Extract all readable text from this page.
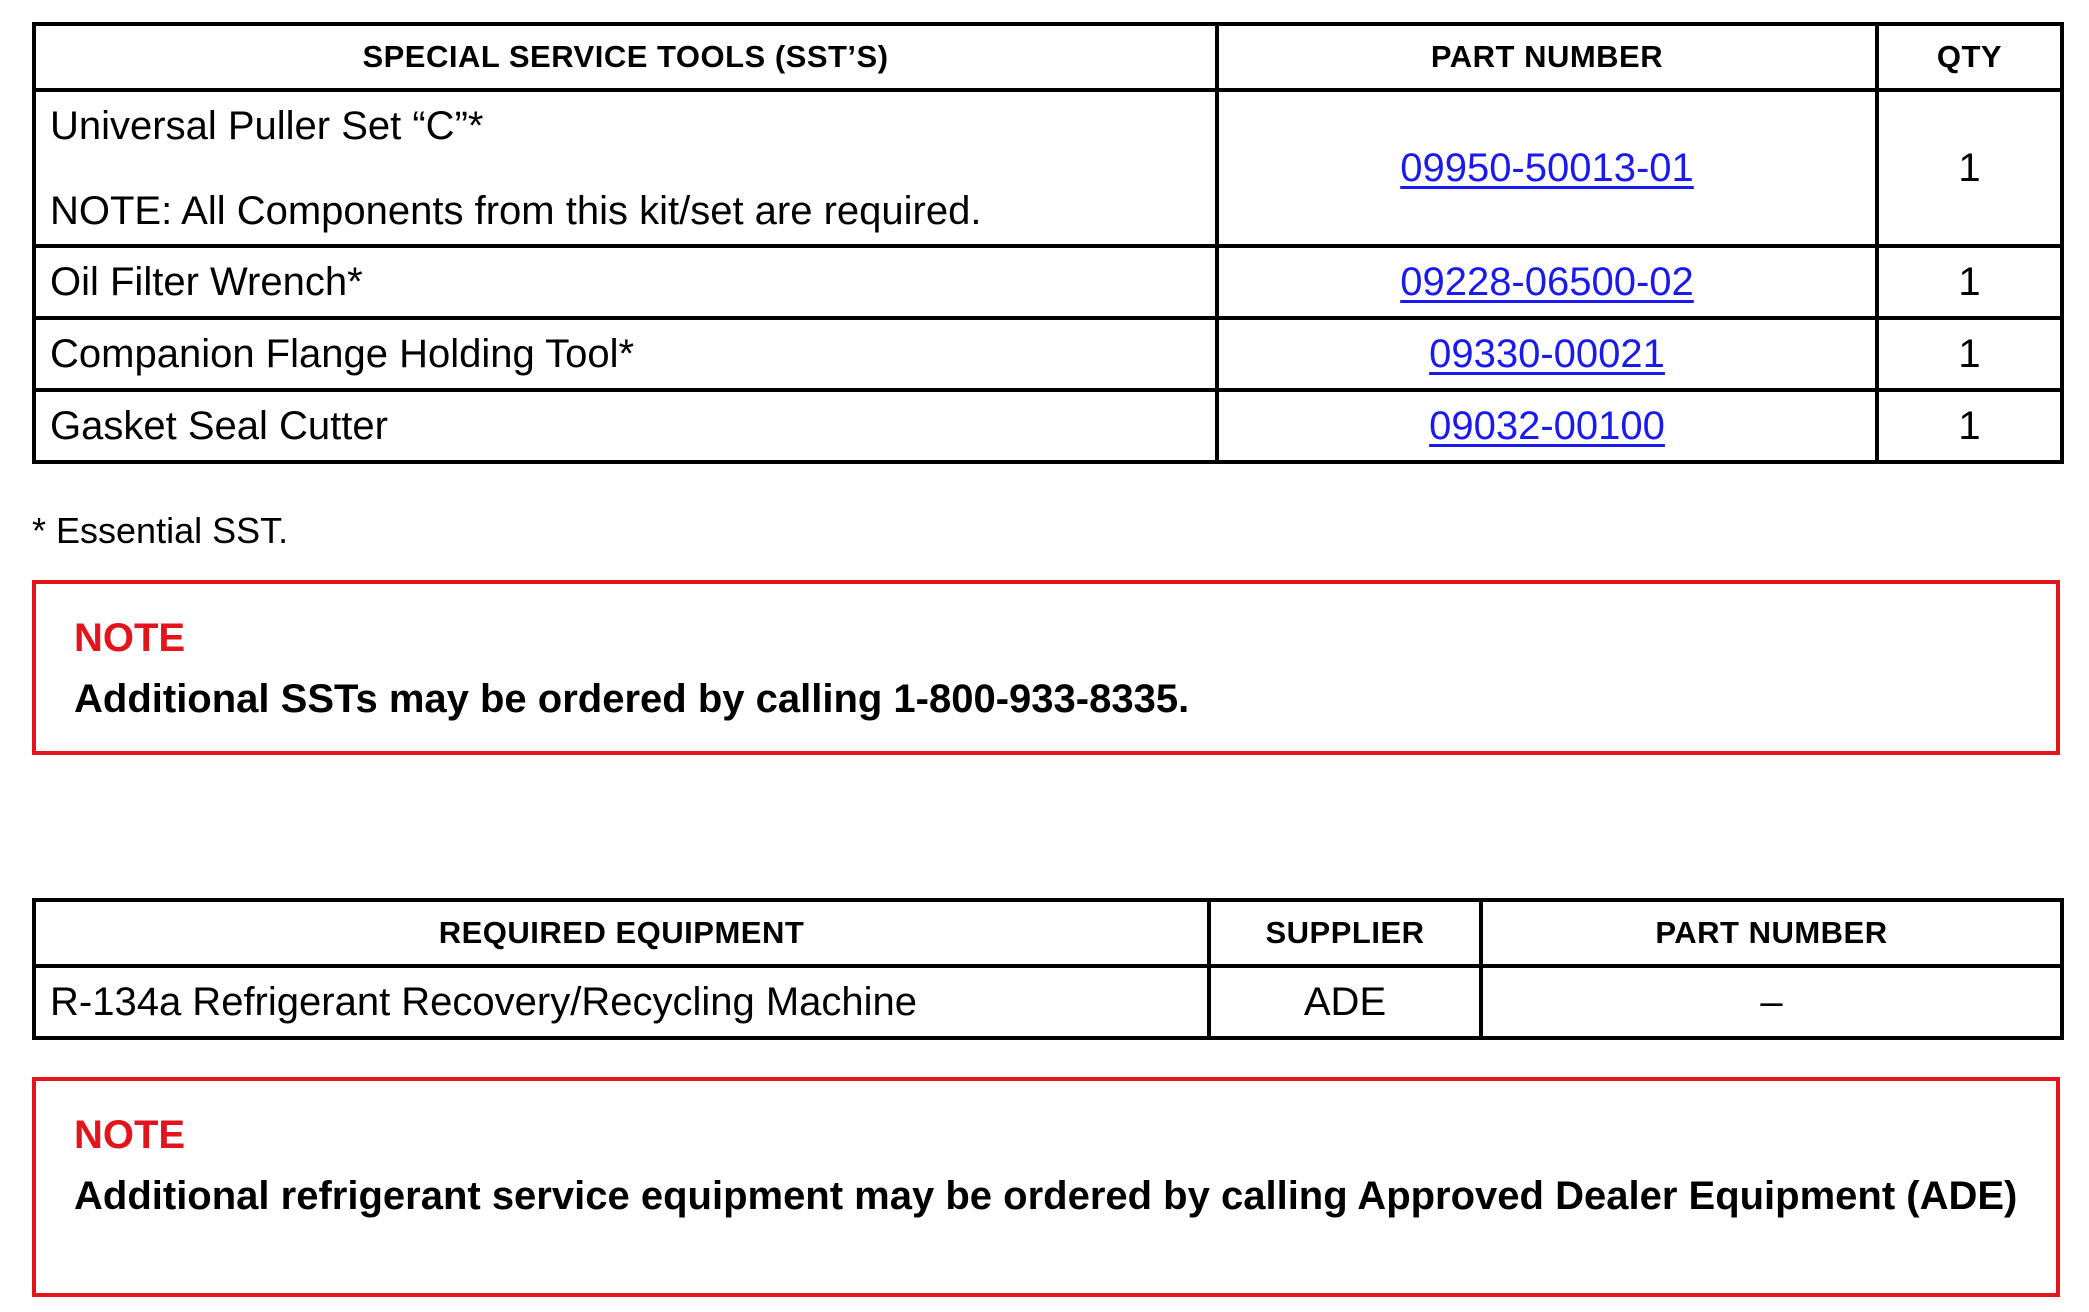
SPECIAL SERVICE TOOLS (SST’S)	PART NUMBER	QTY

Universal Puller Set “C”*
NOTE: All Components from this kit/set are required.	09950-50013-01	1
Oil Filter Wrench*	09228-06500-02	1
Companion Flange Holding Tool*	09330-00021	1
Gasket Seal Cutter	09032-00100	1
* Essential SST.

NOTE

Additional SSTs may be ordered by calling 1-800-933-8335.

REQUIRED EQUIPMENT	SUPPLIER	PART NUMBER
R-134a Refrigerant Recovery/Recycling Machine	ADE	–

NOTE

Additional refrigerant service equipment may be ordered by calling Approved Dealer Equipment (ADE)
